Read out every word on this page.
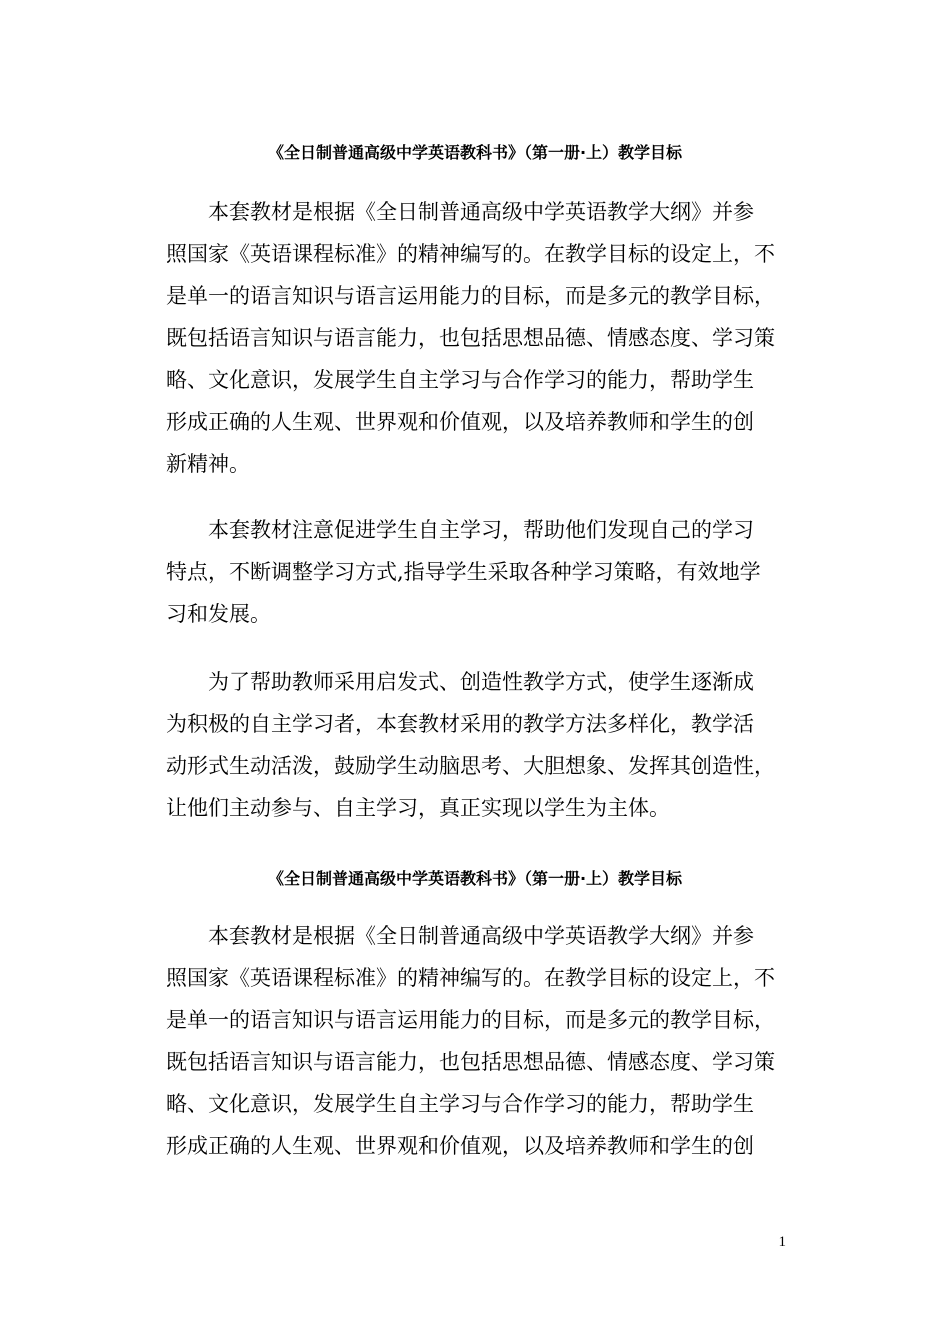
《全日制普通高级中学英语教科书》（第一册·上）教学目标
本套教材是根据《全日制普通高级中学英语教学大纲》并参
照国家《英语课程标准》的精神编写的。在教学目标的设定上，不
是单一的语言知识与语言运用能力的目标，而是多元的教学目标，
既包括语言知识与语言能力，也包括思想品德、情感态度、学习策
略、文化意识，发展学生自主学习与合作学习的能力，帮助学生
形成正确的人生观、世界观和价值观，以及培养教师和学生的创
新精神。
本套教材注意促进学生自主学习，帮助他们发现自己的学习
特点，不断调整学习方式,指导学生采取各种学习策略，有效地学
习和发展。
为了帮助教师采用启发式、创造性教学方式，使学生逐渐成
为积极的自主学习者，本套教材采用的教学方法多样化，教学活
动形式生动活泼，鼓励学生动脑思考、大胆想象、发挥其创造性，
让他们主动参与、自主学习，真正实现以学生为主体。
《全日制普通高级中学英语教科书》（第一册·上）教学目标
本套教材是根据《全日制普通高级中学英语教学大纲》并参
照国家《英语课程标准》的精神编写的。在教学目标的设定上，不
是单一的语言知识与语言运用能力的目标，而是多元的教学目标，
既包括语言知识与语言能力，也包括思想品德、情感态度、学习策
略、文化意识，发展学生自主学习与合作学习的能力，帮助学生
形成正确的人生观、世界观和价值观，以及培养教师和学生的创
1
